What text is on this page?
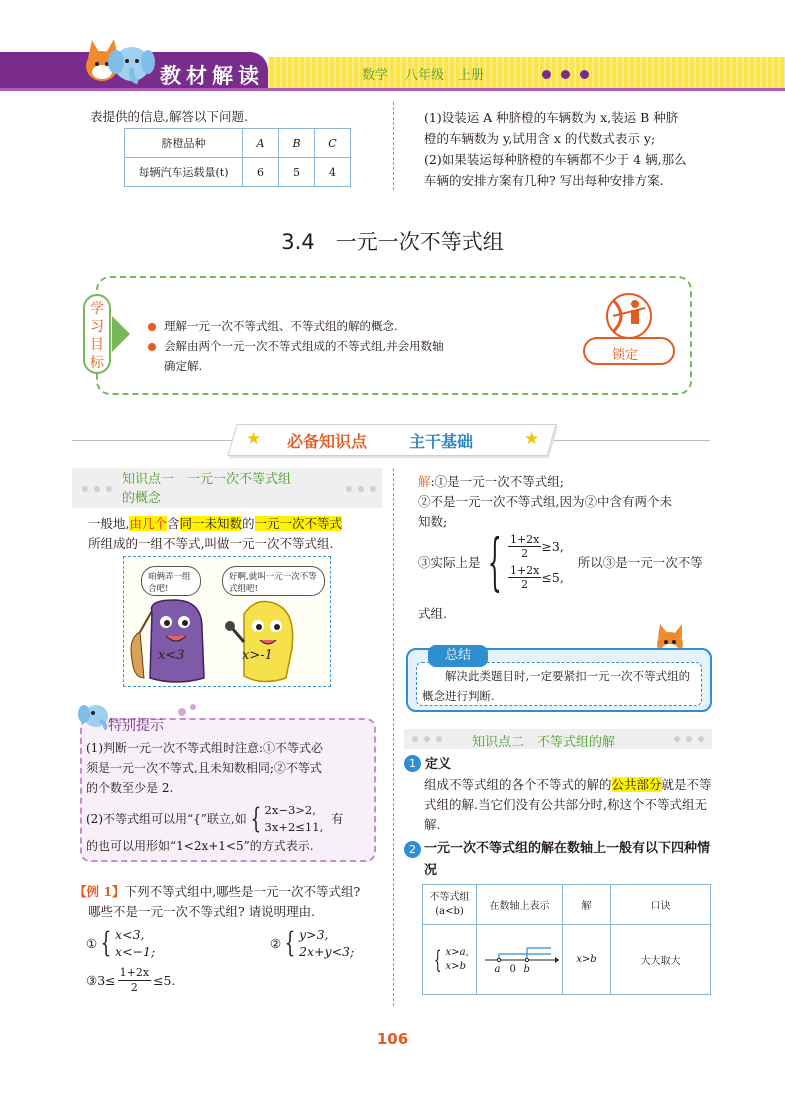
教材解读	数学 八年级 上册
表提供的信息,解答以下问题.
脐橙品种	A	B	C
每辆汽车运载量(t)	6	5	4
(1)设装运 A 种脐橙的车辆数为 x,装运 B 种脐
橙的车辆数为 y,试用含 x 的代数式表示 y;
(2)如果装运每种脐橙的车辆都不少于 4 辆,那么
车辆的安排方案有几种? 写出每种安排方案.
3.4　一元一次不等式组
学
习
目
标
理解一元一次不等式组、不等式组的解的概念.
会解由两个一元一次不等式组成的不等式组,并会用数轴
确定解.
锁定
★	★
必备知识点	主干基础
知识点一　一元一次不等式组
的概念
一般地,由几个含同一未知数的一元一次不等式
所组成的一组不等式,叫做一元一次不等式组.
咱俩弄一组合吧!
好啊,就叫一元一次不等式组吧!
x<3	x>-1
特别提示
(1)判断一元一次不等式组时注意:①不等式必
须是一元一次不等式,且未知数相同;②不等式
的个数至少是 2.
(2)不等式组可以用“{”联立,如 { 2x−3>2,
3x+2≤11,
有
的也可以用形如“1<2x+1<5”的方式表示.
【例 1】下列不等式组中,哪些是一元一次不等式组?
哪些不是一元一次不等式组? 请说明理由.
① { x<3,
x<−1;
② { y>3,
2x+y<3;
③3≤ $\frac{1+2x}{2} \le 5$.
解:①是一元一次不等式组;
②不是一元一次不等式组,因为②中含有两个未
知数;
③实际上是 { $\frac{1+2x}{2} \ge 3$,
$\frac{1+2x}{2} \le 5$,
所以③是一元一次不等
式组.
总结
解决此类题目时,一定要紧扣一元一次不等式组的概念进行判断.
知识点二　不等式组的解
1 定义
组成不等式组的各个不等式的解的公共部分就是不等式组的解.当它们没有公共部分时,称这个不等式组无解.
2 一元一次不等式组的解在数轴上一般有以下四种情况
不等式组
(a<b)	在数轴上表示	解	口诀

{ x>a,
x>b	a 0 b	x>b	大大取大
106
